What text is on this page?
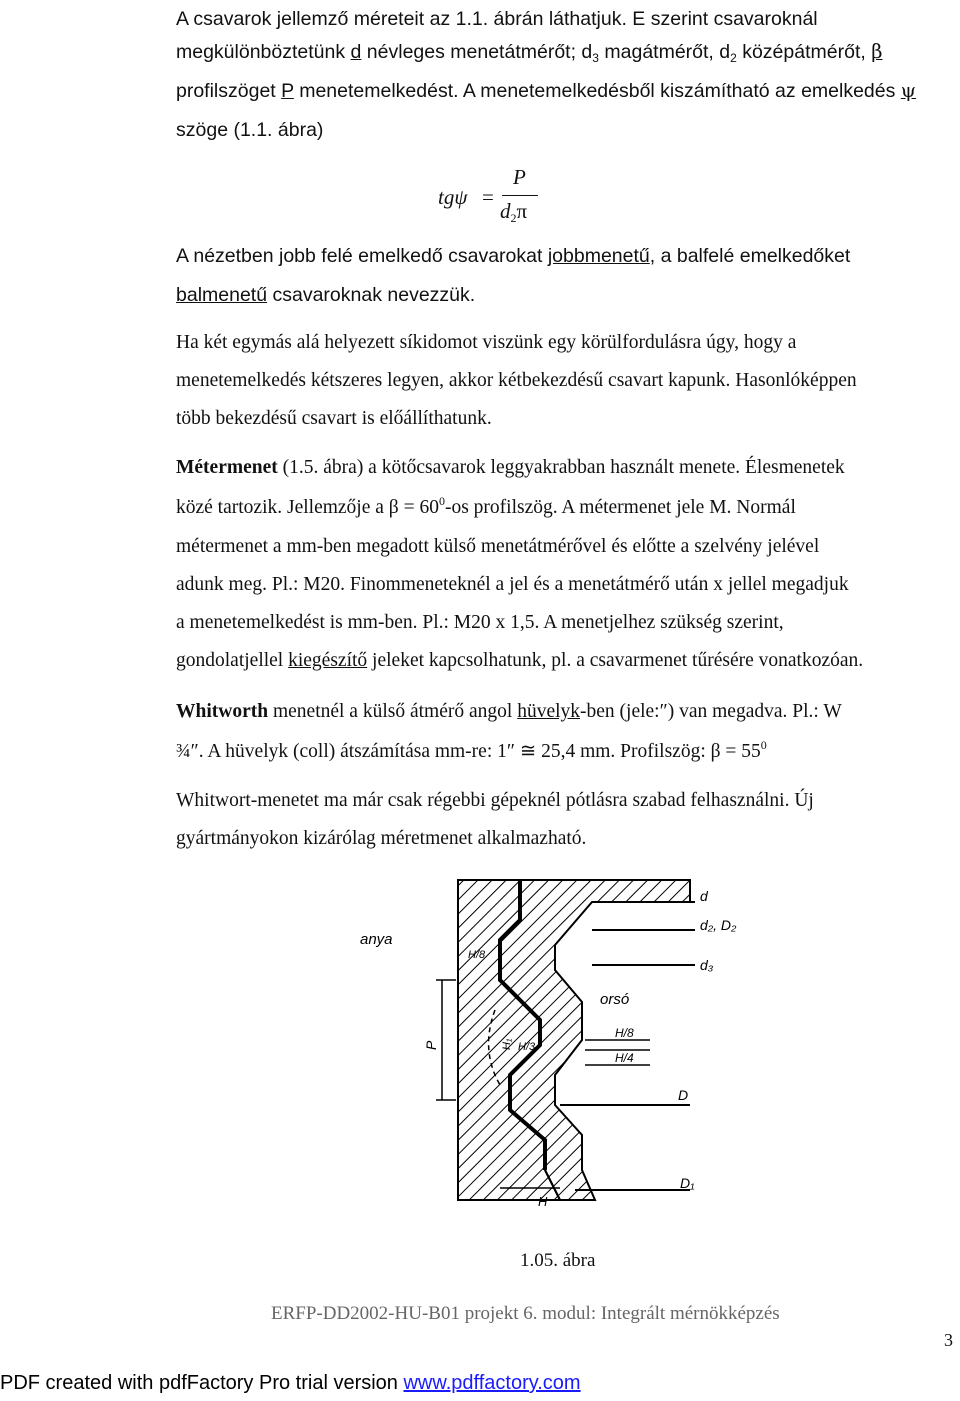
A csavarok jellemző méreteit az 1.1. ábrán láthatjuk. E szerint csavaroknál

megkülönböztetünk d névleges menetátmérőt; $d_3$ magátmérőt, $d_2$ középátmérőt, β

profilszöget P menetemelkedést. A menetemelkedésből kiszámítható az emelkedés ψ

szöge (1.1. ábra)

tgψ =
P
$d_2\pi$

A nézetben jobb felé emelkedő csavarokat jobbmenetű, a balfelé emelkedőket

balmenetű csavaroknak nevezzük.

Ha két egymás alá helyezett síkidomot viszünk egy körülfordulásra úgy, hogy a

menetemelkedés kétszeres legyen, akkor kétbekezdésű csavart kapunk. Hasonlóképpen

több bekezdésű csavart is előállíthatunk.

Métermenet (1.5. ábra) a kötőcsavarok leggyakrabban használt menete. Élesmenetek

közé tartozik. Jellemzője a $\beta = 60^0-os$ profilszög. A métermenet jele M. Normál

métermenet a mm-ben megadott külső menetátmérővel és előtte a szelvény jelével

adunk meg. Pl.: M20. Finommeneteknél a jel és a menetátmérő után x jellel megadjuk

a menetemelkedést is mm-ben. Pl.: M20 x 1,5. A menetjelhez szükség szerint,

gondolatjellel kiegészítő jeleket kapcsolhatunk, pl. a csavarmenet tűrésére vonatkozóan.

Whitworth menetnél a külső átmérő angol hüvelyk-ben (jele:″) van megadva. Pl.: W

¾″. A hüvelyk (coll) átszámítása mm-re: 1″ ≅ 25,4 mm. Profilszög: $\beta = 55^0$

Whitwort-menetet ma már csak régebbi gépeknél pótlásra szabad felhasználni. Új

gyártmányokon kizárólag méretmenet alkalmazható.

anya
orsó
d
d₂, D₂
d₃
P
H/8
H/8
H/4
H/3
D
D₁
H
H₁
1.05. ábra
ERFP-DD2002-HU-B01 projekt 6. modul: Integrált mérnökképzés
3
PDF created with pdfFactory Pro trial version www.pdffactory.com
